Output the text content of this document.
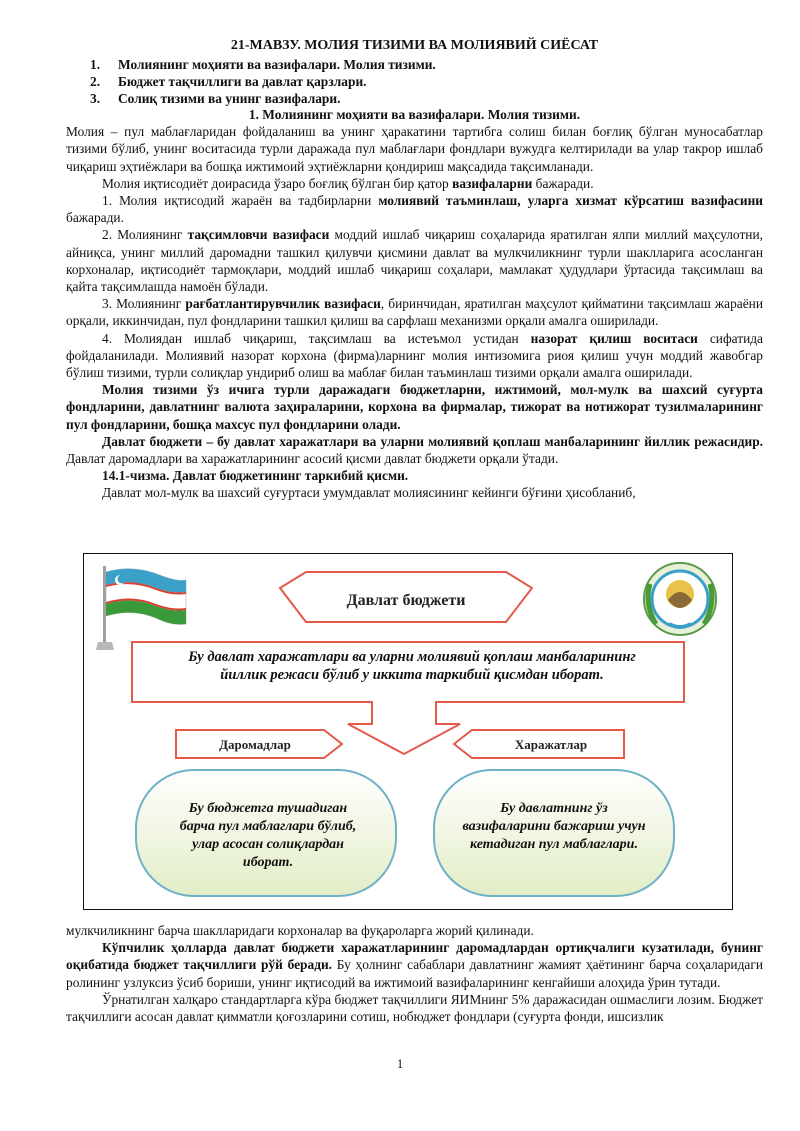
21-МАВЗУ. МОЛИЯ ТИЗИМИ ВА МОЛИЯВИЙ СИЁСАТ
1.	Молиянинг моҳияти ва вазифалари. Молия тизими.
2.	Бюджет тақчиллиги ва давлат қарзлари.
3.	Солиқ тизими ва унинг вазифалари.

1. Молиянинг моҳияти ва вазифалари. Молия тизими.

Молия – пул маблағларидан фойдаланиш ва унинг ҳаракатини тартибга солиш билан боғлиқ бўлган муносабатлар тизими бўлиб, унинг воситасида турли даражада пул маблағлари фондлари вужудга келтирилади ва улар такрор ишлаб чиқариш эҳтиёжлари ва бошқа ижтимоий эҳтиёжларни қондириш мақсадида тақсимланади.

Молия иқтисодиёт доирасида ўзаро боғлиқ бўлган бир қатор вазифаларни бажаради.

1. Молия иқтисодий жараён ва тадбирларни молиявий таъминлаш, уларга хизмат кўрсатиш вазифасини бажаради.

2. Молиянинг тақсимловчи вазифаси моддий ишлаб чиқариш соҳаларида яратилган ялпи миллий маҳсулотни, айниқса, унинг миллий даромадни ташкил қилувчи қисмини давлат ва мулкчиликнинг турли шаклларига асосланган корхоналар, иқтисодиёт тармоқлари, моддий ишлаб чиқариш соҳалари, мамлакат ҳудудлари ўртасида тақсимлаш ва қайта тақсимлашда намоён бўлади.

3. Молиянинг рағбатлантирувчилик вазифаси, биринчидан, яратилган маҳсулот қийматини тақсимлаш жараёни орқали, иккинчидан, пул фондларини ташкил қилиш ва сарфлаш механизми орқали амалга оширилади.

4. Молиядан ишлаб чиқариш, тақсимлаш ва истеъмол устидан назорат қилиш воситаси сифатида фойдаланилади. Молиявий назорат корхона (фирма)ларнинг молия интизомига риоя қилиш учун моддий жавобгар бўлиш тизими, турли солиқлар ундириб олиш ва маблағ билан таъминлаш тизими орқали амалга оширилади.

Молия тизими ўз ичига турли даражадаги бюджетларни, ижтимоий, мол-мулк ва шахсий суғурта фондларини, давлатнинг валюта заҳираларини, корхона ва фирмалар, тижорат ва нотижорат тузилмаларининг пул фондларини, бошқа махсус пул фондларини олади.

Давлат бюджети – бу давлат харажатлари ва уларни молиявий қоплаш манбаларининг йиллик режасидир. Давлат даромадлари ва харажатларининг асосий қисми давлат бюджети орқали ўтади.

14.1-чизма. Давлат бюджетининг таркибий қисми.

Давлат мол-мулк ва шахсий суғуртаси умумдавлат молиясининг кейинги бўғини ҳисобланиб,

Давлат бюджети
Бу давлат харажатлари ва уларни молиявий қоплаш манбаларининг йиллик режаси бўлиб у иккита таркибий қисмдан иборат.
Даромадлар	Харажатлар
Бу бюджетга тушадиган барча пул маблаглари бўлиб, улар асосан солиқлардан иборат.
Бу давлатнинг ўз вазифаларини бажариш учун кетадиган пул маблаглари.

мулкчиликнинг барча шаклларидаги корхоналар ва фуқароларга жорий қилинади.

Кўпчилик ҳолларда давлат бюджети харажатларининг даромадлардан ортиқчалиги кузатилади, бунинг оқибатида бюджет тақчиллиги рўй беради. Бу ҳолнинг сабаблари давлатнинг жамият ҳаётининг барча соҳаларидаги ролининг узлуксиз ўсиб бориши, унинг иқтисодий ва ижтимоий вазифаларининг кенгайиши алоҳида ўрин тутади.

Ўрнатилган халқаро стандартларга кўра бюджет тақчиллиги ЯИМнинг 5% даражасидан ошмаслиги лозим. Бюджет тақчиллиги асосан давлат қимматли қоғозларини сотиш, нобюджет фондлари (суғурта фонди, ишсизлик

1
